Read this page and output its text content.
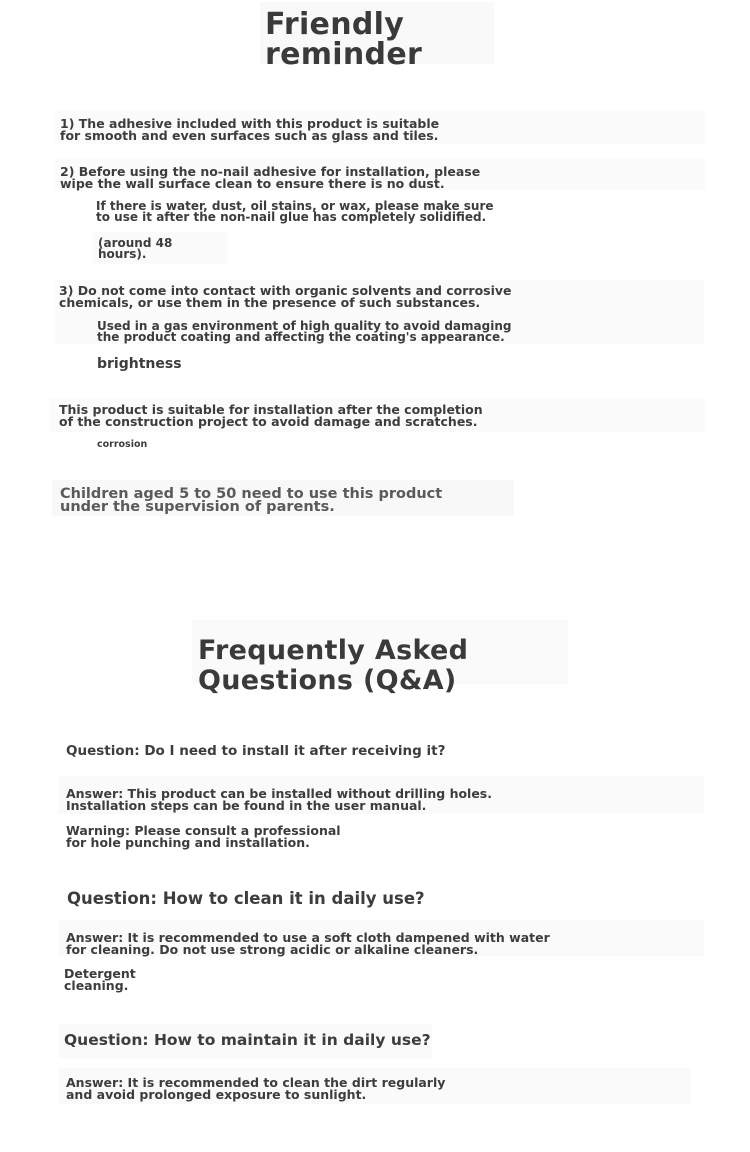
Friendly
reminder
1) The adhesive included with this product is suitable
for smooth and even surfaces such as glass and tiles.
2) Before using the no-nail adhesive for installation, please
wipe the wall surface clean to ensure there is no dust.
If there is water, dust, oil stains, or wax, please make sure
to use it after the non-nail glue has completely solidified.
(around 48
hours).
3) Do not come into contact with organic solvents and corrosive
chemicals, or use them in the presence of such substances.
Used in a gas environment of high quality to avoid damaging
the product coating and affecting the coating's appearance.
brightness
This product is suitable for installation after the completion
of the construction project to avoid damage and scratches.
corrosion
Children aged 5 to 50 need to use this product
under the supervision of parents.
Frequently Asked
Questions (Q&A)
Question: Do I need to install it after receiving it?
Answer: This product can be installed without drilling holes.
Installation steps can be found in the user manual.
Warning: Please consult a professional
for hole punching and installation.
Question: How to clean it in daily use?
Answer: It is recommended to use a soft cloth dampened with water
for cleaning. Do not use strong acidic or alkaline cleaners.
Detergent
cleaning.
Question: How to maintain it in daily use?
Answer: It is recommended to clean the dirt regularly
and avoid prolonged exposure to sunlight.
